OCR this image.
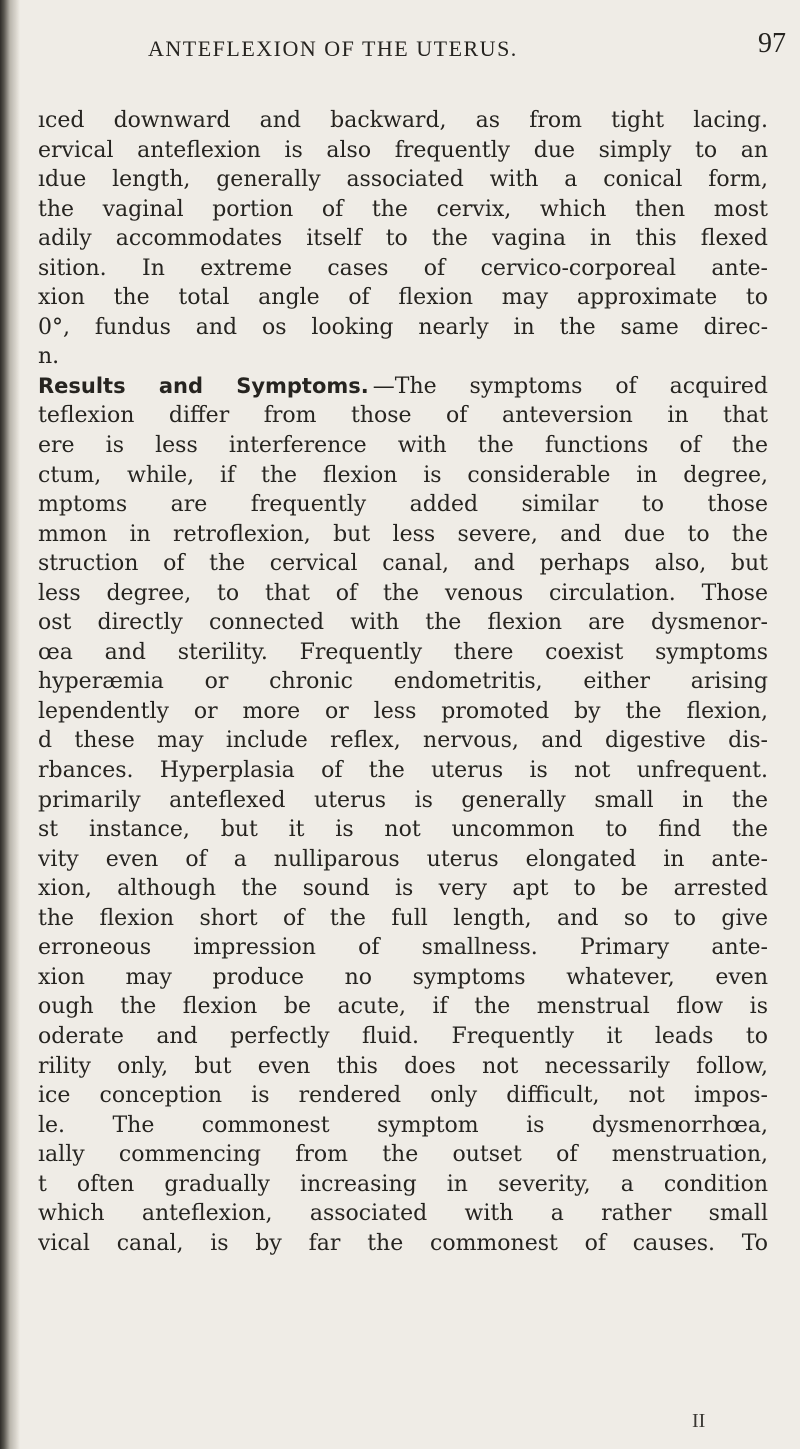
ANTEFLEXION OF THE UTERUS.	97
ıced downward and backward, as from tight lacing.
ervical anteflexion is also frequently due simply to an
ıdue length, generally associated with a conical form,
the vaginal portion of the cervix, which then most
adily accommodates itself to the vagina in this flexed
sition. In extreme cases of cervico-corporeal ante-
xion the total angle of flexion may approximate to
0°, fundus and os looking nearly in the same direc-
n.
Results and Symptoms. —The symptoms of acquired
teflexion differ from those of anteversion in that
ere is less interference with the functions of the
ctum, while, if the flexion is considerable in degree,
mptoms are frequently added similar to those
mmon in retroflexion, but less severe, and due to the
struction of the cervical canal, and perhaps also, but
less degree, to that of the venous circulation. Those
ost directly connected with the flexion are dysmenor-
œa and sterility. Frequently there coexist symptoms
hyperæmia or chronic endometritis, either arising
lependently or more or less promoted by the flexion,
d these may include reflex, nervous, and digestive dis-
rbances. Hyperplasia of the uterus is not unfrequent.
primarily anteflexed uterus is generally small in the
st instance, but it is not uncommon to find the
vity even of a nulliparous uterus elongated in ante-
xion, although the sound is very apt to be arrested
the flexion short of the full length, and so to give
erroneous impression of smallness. Primary ante-
xion may produce no symptoms whatever, even
ough the flexion be acute, if the menstrual flow is
oderate and perfectly fluid. Frequently it leads to
rility only, but even this does not necessarily follow,
ice conception is rendered only difficult, not impos-
le. The commonest symptom is dysmenorrhœa,
ıally commencing from the outset of menstruation,
t often gradually increasing in severity, a condition
which anteflexion, associated with a rather small
vical canal, is by far the commonest of causes. To
II
